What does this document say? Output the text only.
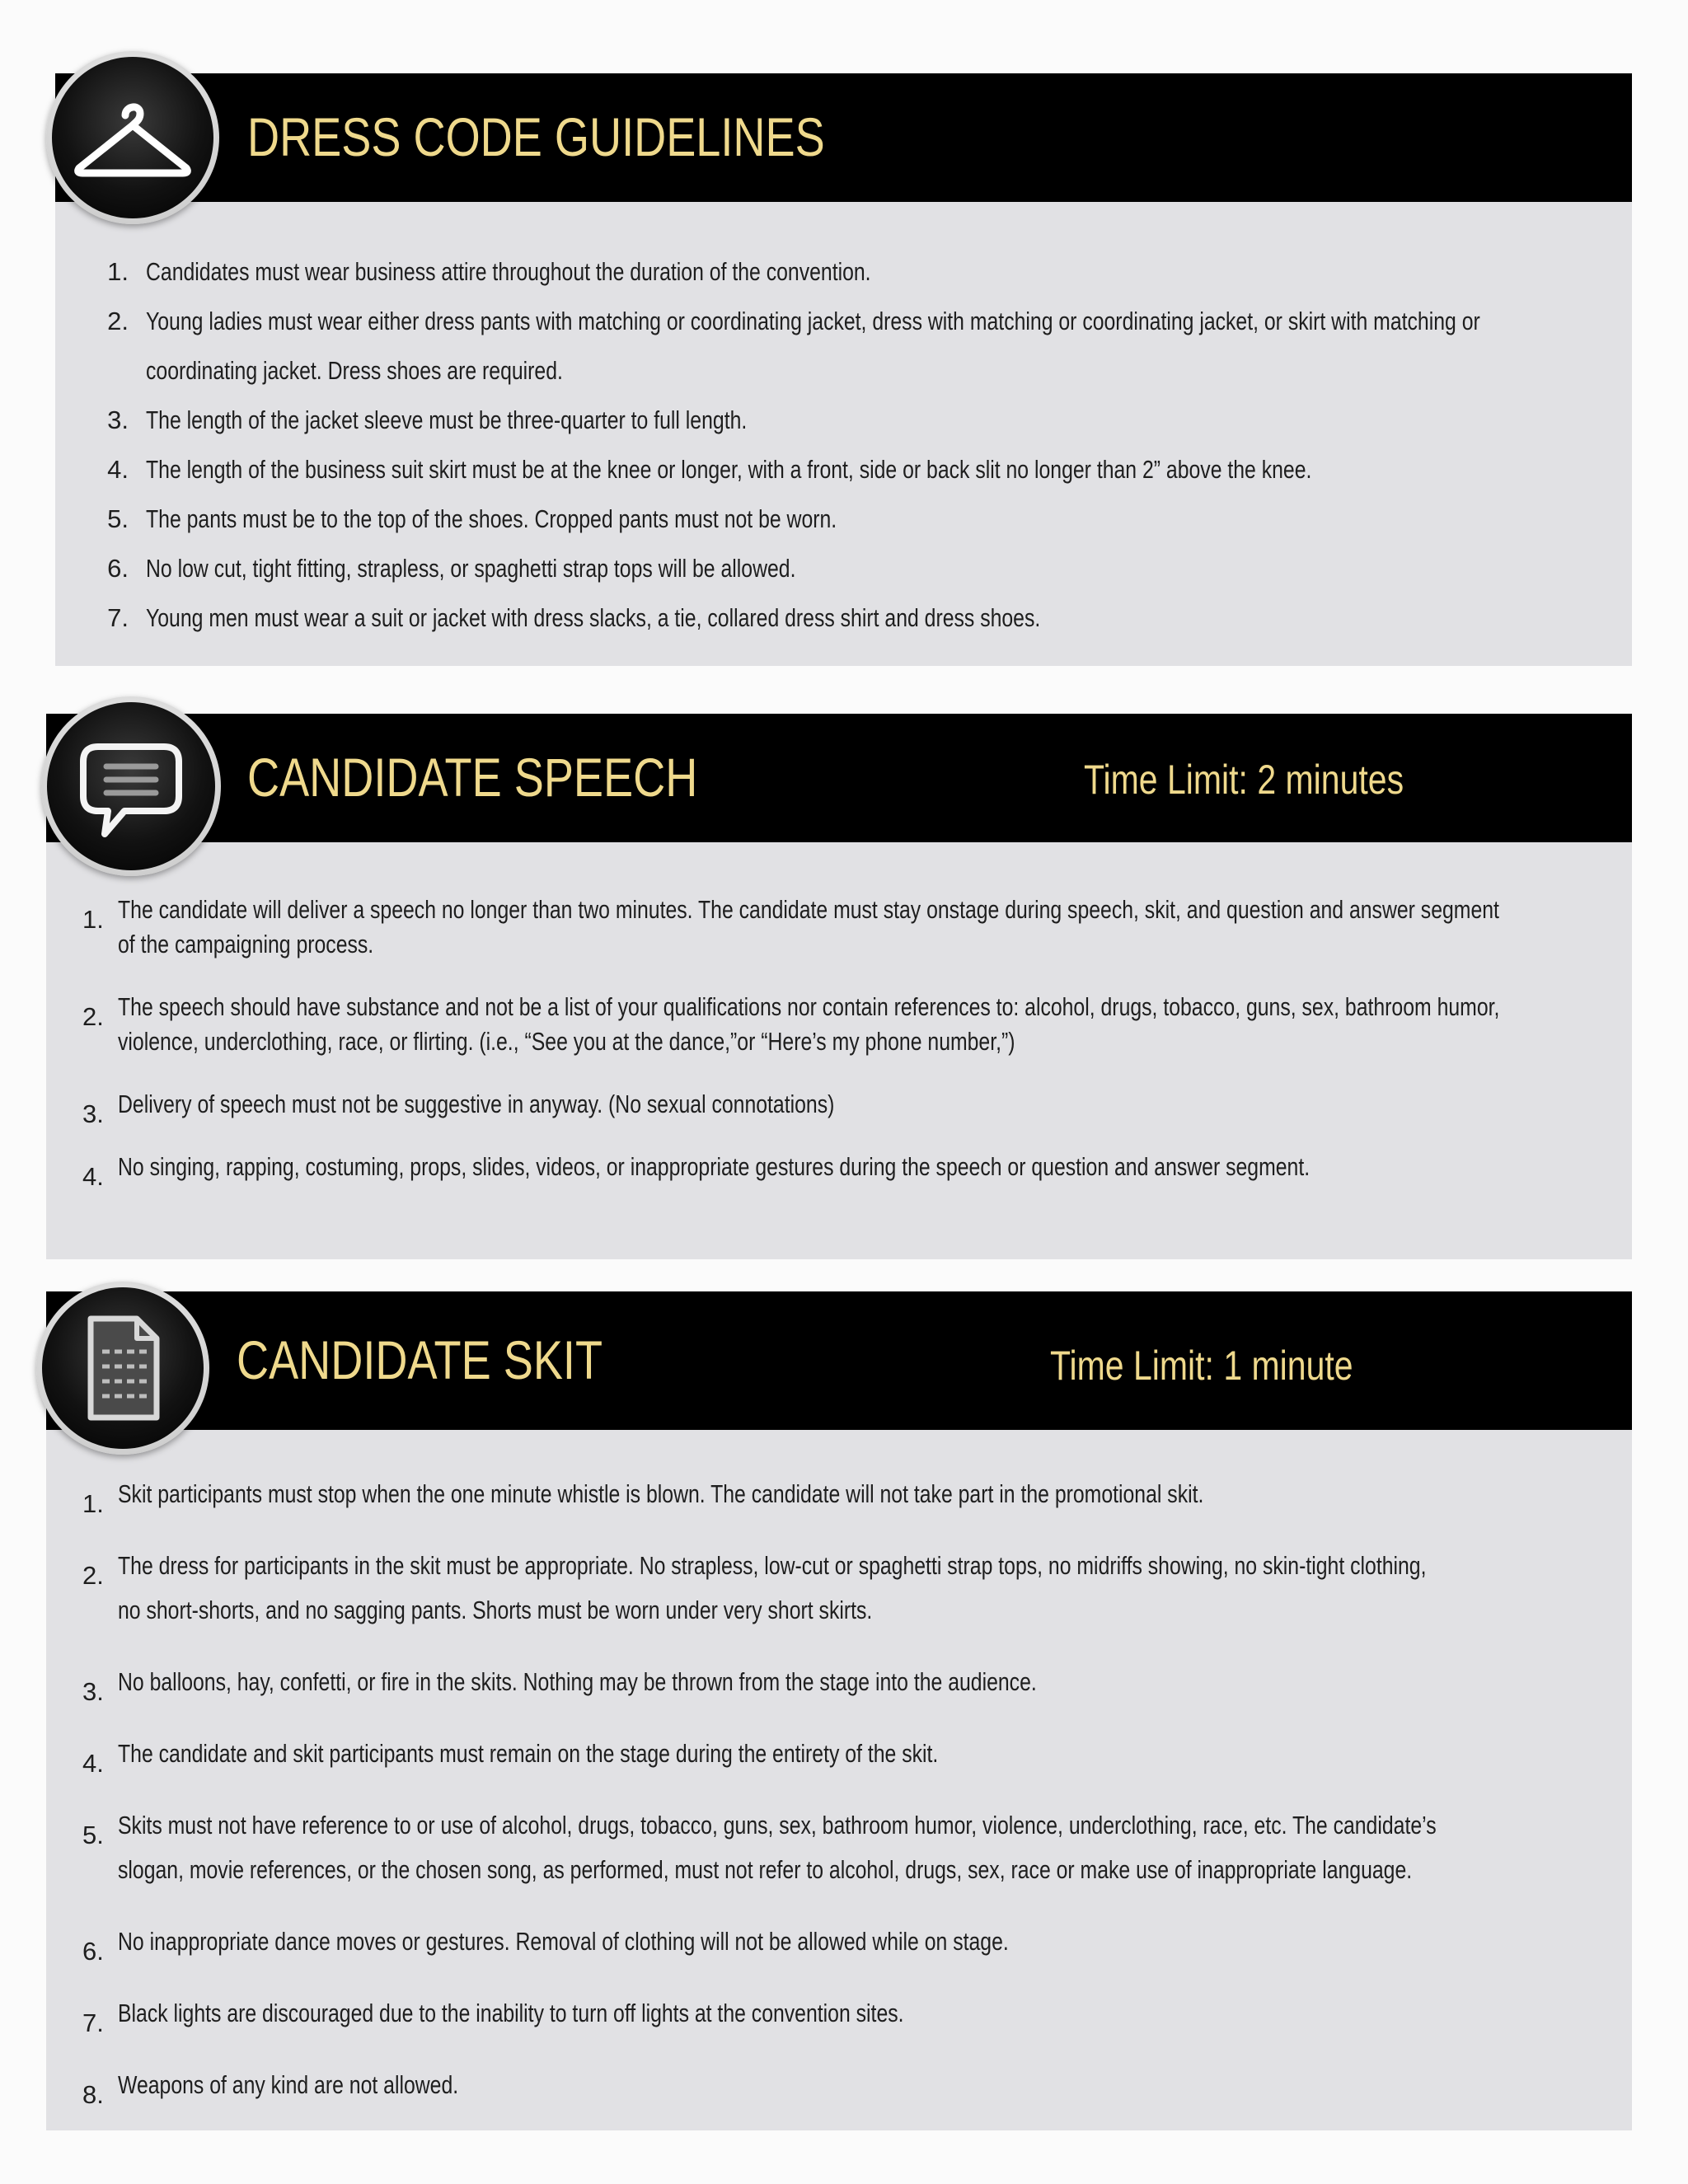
DRESS CODE GUIDELINES
1. Candidates must wear business attire throughout the duration of the convention.
2. Young ladies must wear either dress pants with matching or coordinating jacket, dress with matching or coordinating jacket, or skirt with matching or
coordinating jacket. Dress shoes are required.
3. The length of the jacket sleeve must be three-quarter to full length.
4. The length of the business suit skirt must be at the knee or longer, with a front, side or back slit no longer than 2” above the knee.
5. The pants must be to the top of the shoes. Cropped pants must not be worn.
6. No low cut, tight fitting, strapless, or spaghetti strap tops will be allowed.
7. Young men must wear a suit or jacket with dress slacks, a tie, collared dress shirt and dress shoes.
CANDIDATE SPEECH	Time Limit: 2 minutes
1. The candidate will deliver a speech no longer than two minutes. The candidate must stay onstage during speech, skit, and question and answer segment
of the campaigning process.
2. The speech should have substance and not be a list of your qualifications nor contain references to: alcohol, drugs, tobacco, guns, sex, bathroom humor,
violence, underclothing, race, or flirting. (i.e., “See you at the dance,”or “Here’s my phone number,”)
3. Delivery of speech must not be suggestive in anyway. (No sexual connotations)
4. No singing, rapping, costuming, props, slides, videos, or inappropriate gestures during the speech or question and answer segment.
CANDIDATE SKIT	Time Limit: 1 minute
1. Skit participants must stop when the one minute whistle is blown. The candidate will not take part in the promotional skit.
2. The dress for participants in the skit must be appropriate. No strapless, low-cut or spaghetti strap tops, no midriffs showing, no skin-tight clothing,
no short-shorts, and no sagging pants. Shorts must be worn under very short skirts.
3. No balloons, hay, confetti, or fire in the skits. Nothing may be thrown from the stage into the audience.
4. The candidate and skit participants must remain on the stage during the entirety of the skit.
5. Skits must not have reference to or use of alcohol, drugs, tobacco, guns, sex, bathroom humor, violence, underclothing, race, etc. The candidate’s
slogan, movie references, or the chosen song, as performed, must not refer to alcohol, drugs, sex, race or make use of inappropriate language.
6. No inappropriate dance moves or gestures. Removal of clothing will not be allowed while on stage.
7. Black lights are discouraged due to the inability to turn off lights at the convention sites.
8. Weapons of any kind are not allowed.
